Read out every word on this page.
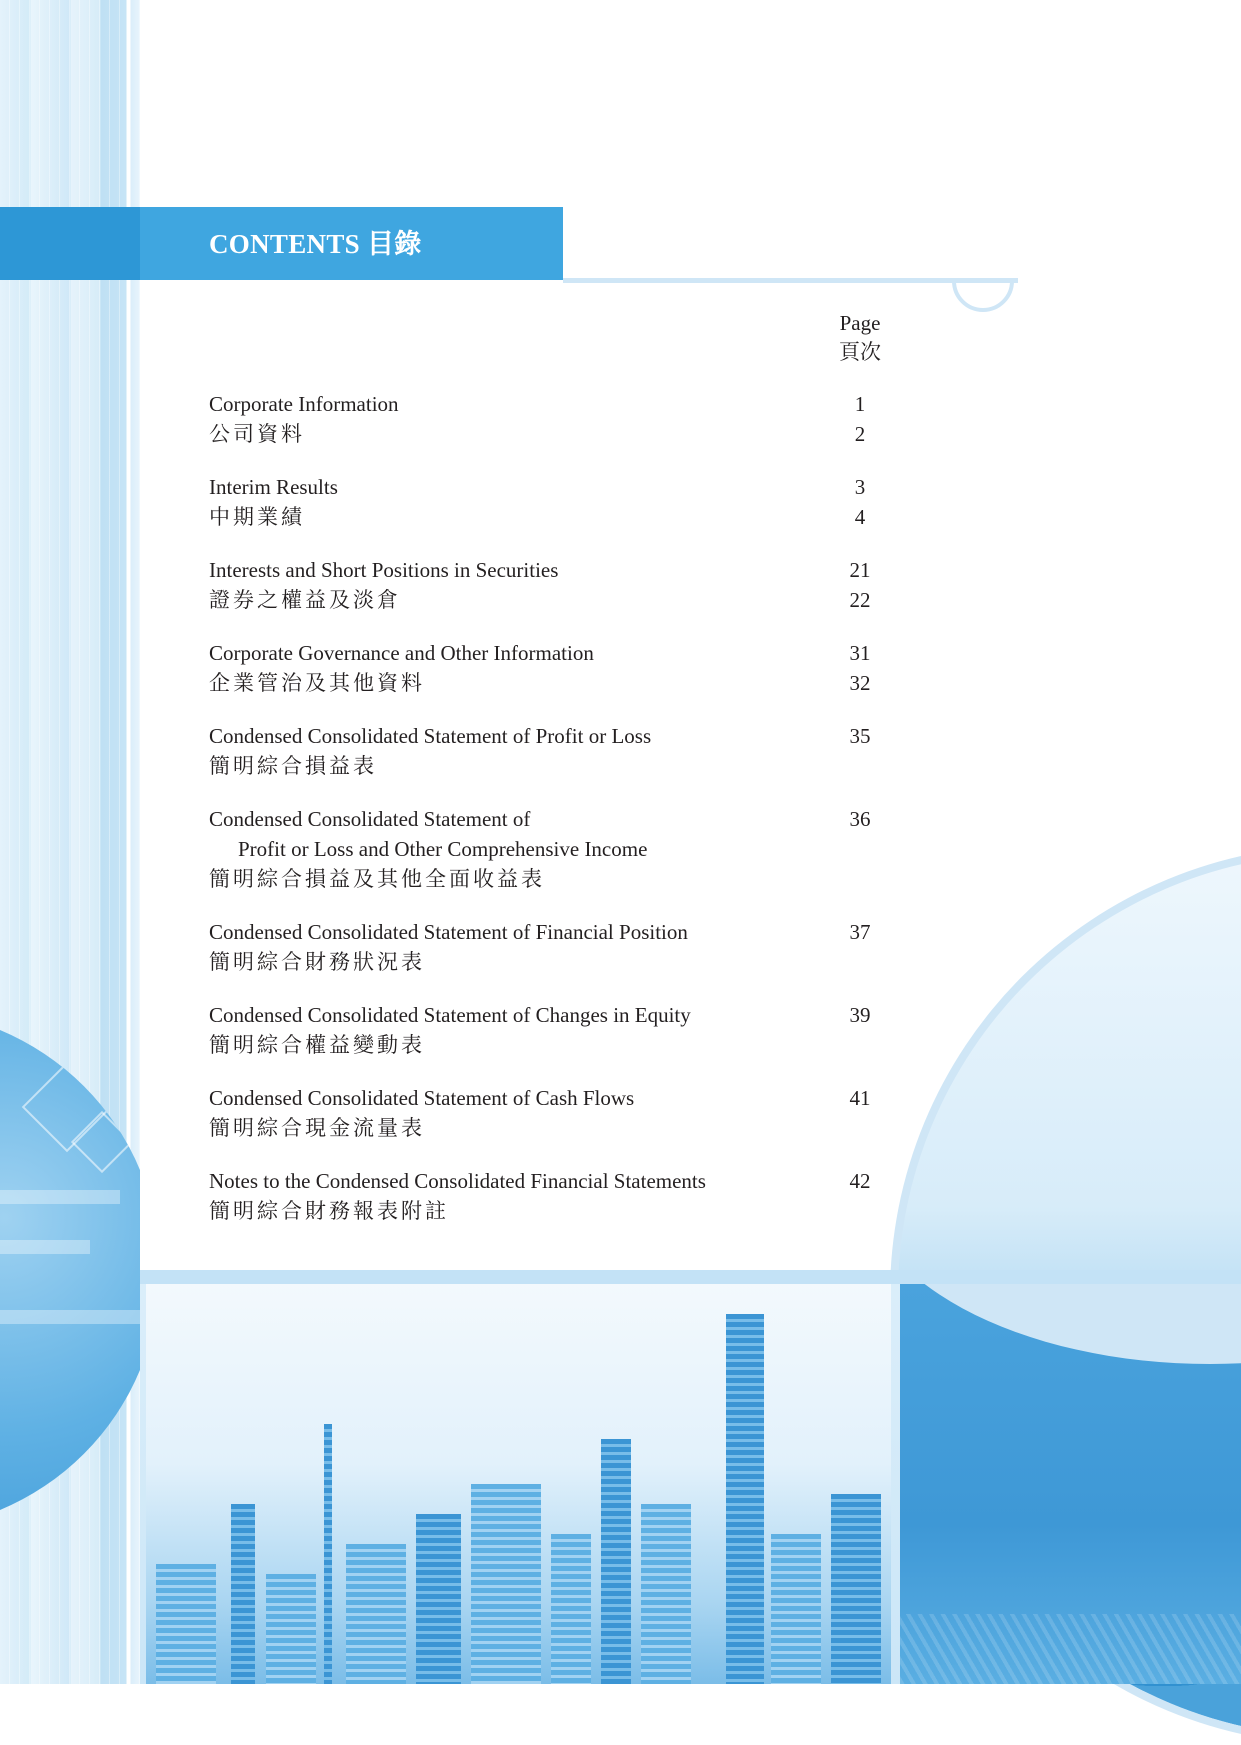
CONTENTS 目錄
Page
頁次
Corporate Information
公司資料
1
2
Interim Results
中期業績
3
4
Interests and Short Positions in Securities
證券之權益及淡倉
21
22
Corporate Governance and Other Information
企業管治及其他資料
31
32
Condensed Consolidated Statement of Profit or Loss
簡明綜合損益表
35
Condensed Consolidated Statement of
Profit or Loss and Other Comprehensive Income
簡明綜合損益及其他全面收益表
36
Condensed Consolidated Statement of Financial Position
簡明綜合財務狀況表
37
Condensed Consolidated Statement of Changes in Equity
簡明綜合權益變動表
39
Condensed Consolidated Statement of Cash Flows
簡明綜合現金流量表
41
Notes to the Condensed Consolidated Financial Statements
簡明綜合財務報表附註
42
